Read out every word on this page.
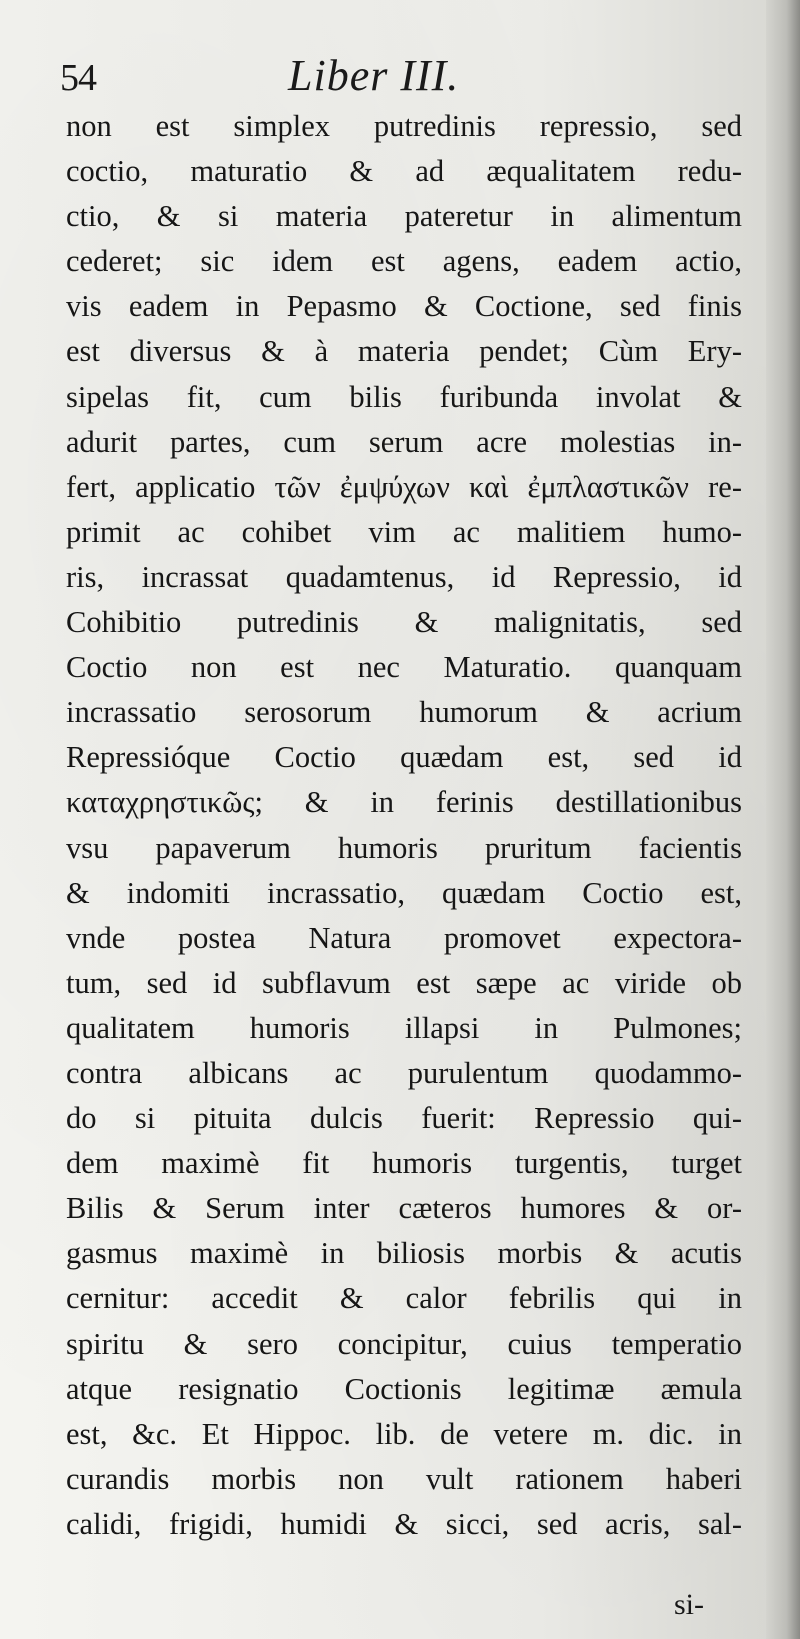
54	Liber III.
non est simplex putredinis repressio, sed
coctio, maturatio & ad æqualitatem redu-
ctio, & si materia pateretur in alimentum
cederet; sic idem est agens, eadem actio,
vis eadem in Pepasmo & Coctione, sed finis
est diversus & à materia pendet; Cùm Ery-
sipelas fit, cum bilis furibunda involat &
adurit partes, cum serum acre molestias in-
fert, applicatio τῶν ἐμψύχων καὶ ἐμπλαστικῶν re-
primit ac cohibet vim ac malitiem humo-
ris, incrassat quadamtenus, id Repressio, id
Cohibitio putredinis & malignitatis, sed
Coctio non est nec Maturatio. quanquam
incrassatio serosorum humorum & acrium
Repressióque Coctio quædam est, sed id
καταχρηστικῶς; & in ferinis destillationibus
vsu papaverum humoris pruritum facientis
& indomiti incrassatio, quædam Coctio est,
vnde postea Natura promovet expectora-
tum, sed id subflavum est sæpe ac viride ob
qualitatem humoris illapsi in Pulmones;
contra albicans ac purulentum quodammo-
do si pituita dulcis fuerit: Repressio qui-
dem maximè fit humoris turgentis, turget
Bilis & Serum inter cæteros humores & or-
gasmus maximè in biliosis morbis & acutis
cernitur: accedit & calor febrilis qui in
spiritu & sero concipitur, cuius temperatio
atque resignatio Coctionis legitimæ æmula
est, &c. Et Hippoc. lib. de vetere m. dic. in
curandis morbis non vult rationem haberi
calidi, frigidi, humidi & sicci, sed acris, sal-
si-
